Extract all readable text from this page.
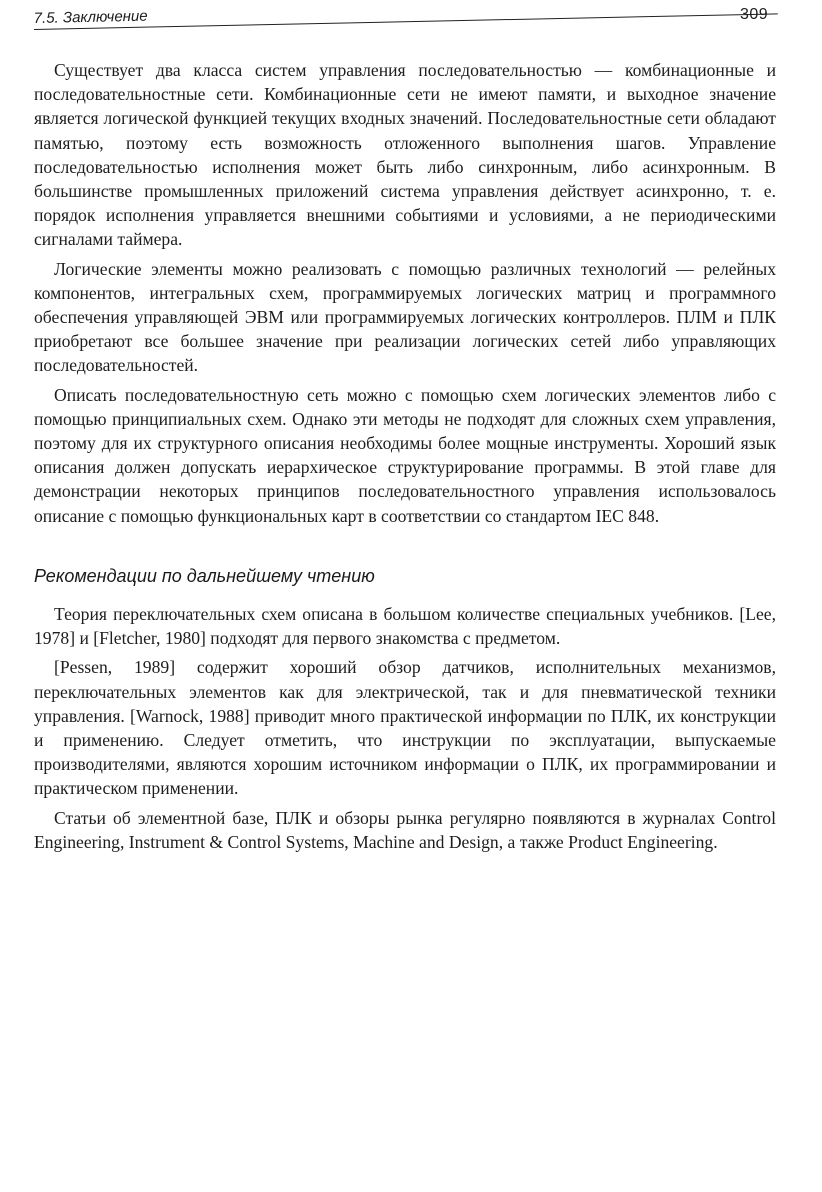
7.5. Заключение	309

Существует два класса систем управления последовательностью — комбинационные и последовательностные сети. Комбинационные сети не имеют памяти, и выходное значение является логической функцией текущих входных значений. Последовательностные сети обладают памятью, поэтому есть возможность отложенного выполнения шагов. Управление последовательностью исполнения может быть либо синхронным, либо асинхронным. В большинстве промышленных приложений система управления действует асинхронно, т. е. порядок исполнения управляется внешними событиями и условиями, а не периодическими сигналами таймера.

Логические элементы можно реализовать с помощью различных технологий — релейных компонентов, интегральных схем, программируемых логических матриц и программного обеспечения управляющей ЭВМ или программируемых логических контроллеров. ПЛМ и ПЛК приобретают все большее значение при реализации логических сетей либо управляющих последовательностей.

Описать последовательностную сеть можно с помощью схем логических элементов либо с помощью принципиальных схем. Однако эти методы не подходят для сложных схем управления, поэтому для их структурного описания необходимы более мощные инструменты. Хороший язык описания должен допускать иерархическое структурирование программы. В этой главе для демонстрации некоторых принципов последовательностного управления использовалось описание с помощью функциональных карт в соответствии со стандартом IEC 848.

Рекомендации по дальнейшему чтению

Теория переключательных схем описана в большом количестве специальных учебников. [Lee, 1978] и [Fletcher, 1980] подходят для первого знакомства с предметом.

[Pessen, 1989] содержит хороший обзор датчиков, исполнительных механизмов, переключательных элементов как для электрической, так и для пневматической техники управления. [Warnock, 1988] приводит много практической информации по ПЛК, их конструкции и применению. Следует отметить, что инструкции по эксплуатации, выпускаемые производителями, являются хорошим источником информации о ПЛК, их программировании и практическом применении.

Статьи об элементной базе, ПЛК и обзоры рынка регулярно появляются в журналах Control Engineering, Instrument & Control Systems, Machine and Design, а также Product Engineering.
